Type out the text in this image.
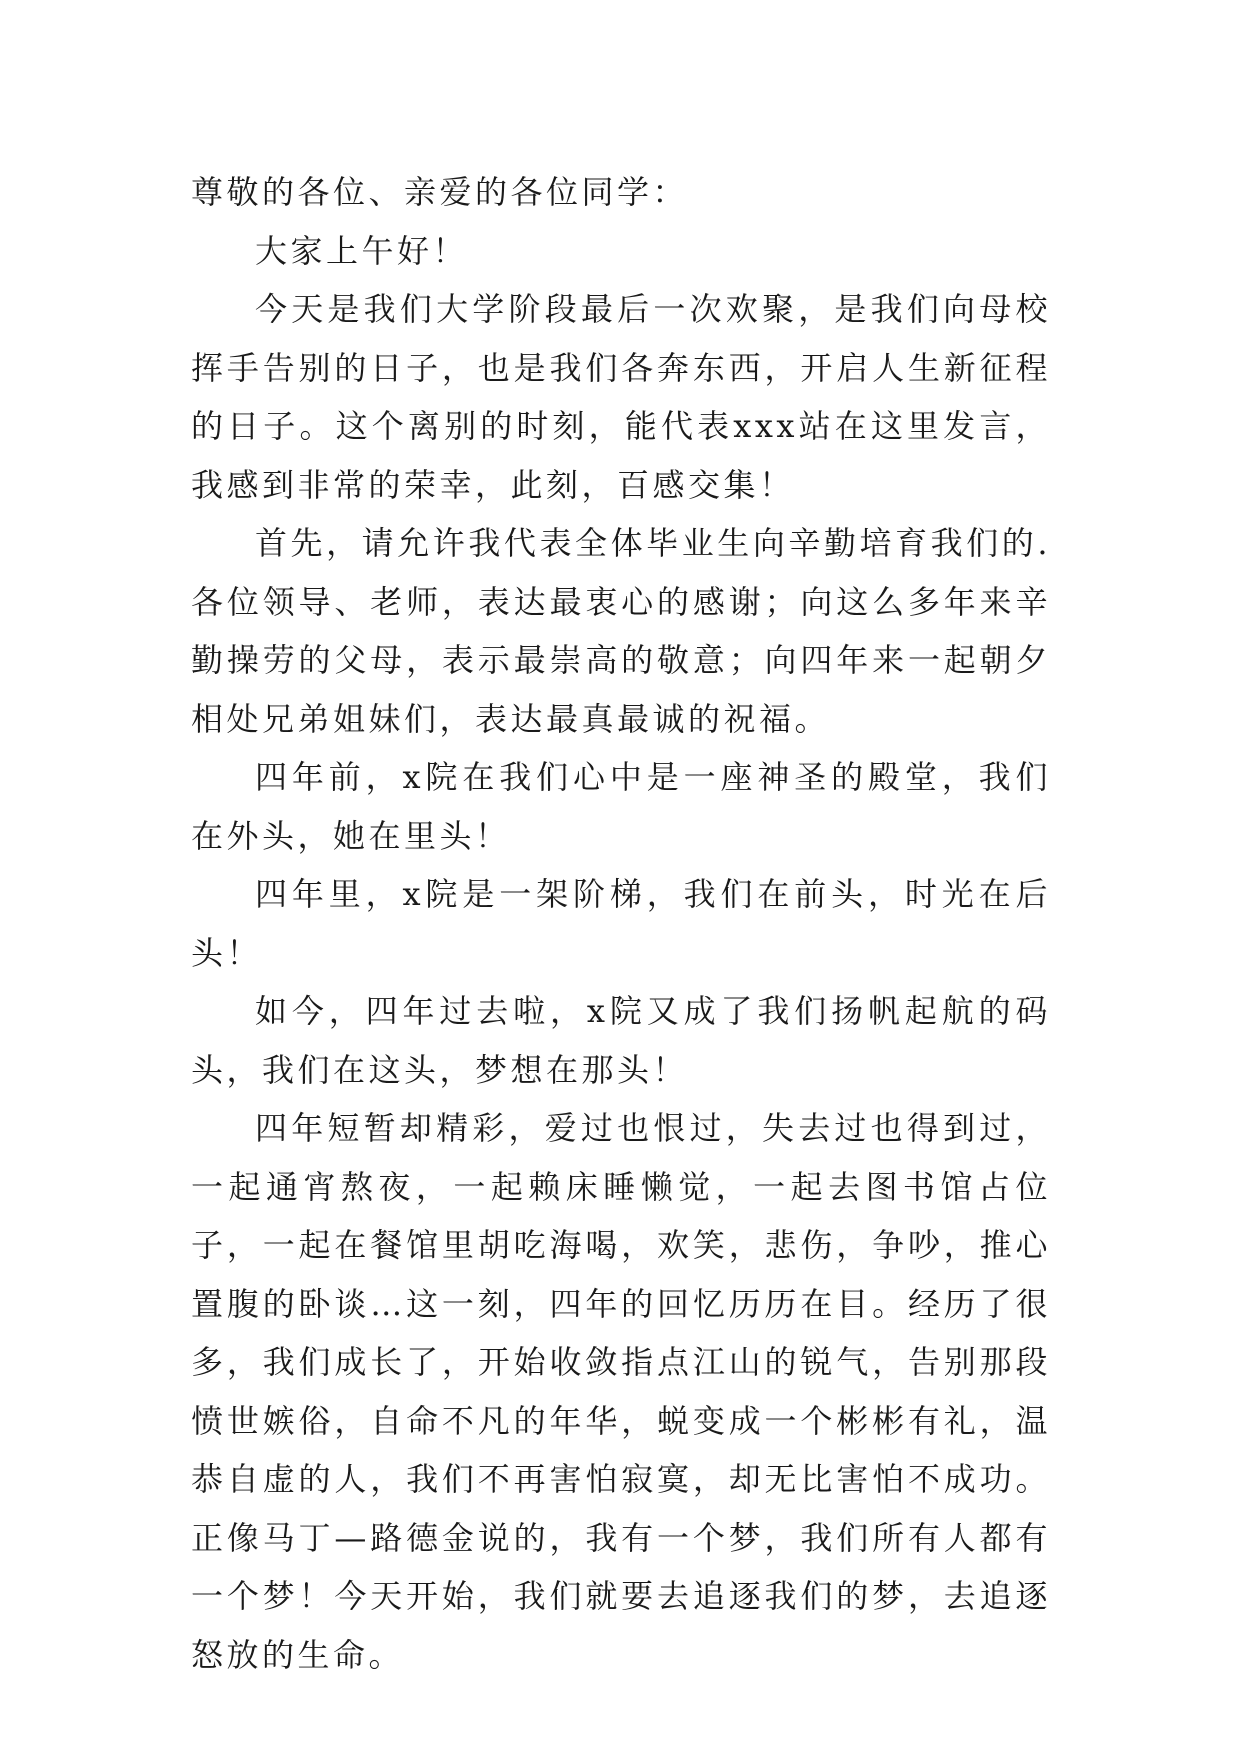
尊敬的各位、亲爱的各位同学：

大家上午好！

今天是我们大学阶段最后一次欢聚，是我们向母校挥手告别的日子，也是我们各奔东西，开启人生新征程的日子。这个离别的时刻，能代表xxx站在这里发言，我感到非常的荣幸，此刻，百感交集！

首先，请允许我代表全体毕业生向辛勤培育我们的.各位领导、老师，表达最衷心的感谢；向这么多年来辛勤操劳的父母，表示最崇高的敬意；向四年来一起朝夕相处兄弟姐妹们，表达最真最诚的祝福。

四年前，x院在我们心中是一座神圣的殿堂，我们在外头，她在里头！

四年里，x院是一架阶梯，我们在前头，时光在后头！

如今，四年过去啦，x院又成了我们扬帆起航的码头，我们在这头，梦想在那头！

四年短暂却精彩，爱过也恨过，失去过也得到过，一起通宵熬夜，一起赖床睡懒觉，一起去图书馆占位子，一起在餐馆里胡吃海喝，欢笑，悲伤，争吵，推心置腹的卧谈…这一刻，四年的回忆历历在目。经历了很多，我们成长了，开始收敛指点江山的锐气，告别那段愤世嫉俗，自命不凡的年华，蜕变成一个彬彬有礼，温恭自虚的人，我们不再害怕寂寞，却无比害怕不成功。正像马丁—路德金说的，我有一个梦，我们所有人都有一个梦！今天开始，我们就要去追逐我们的梦，去追逐怒放的生命。
